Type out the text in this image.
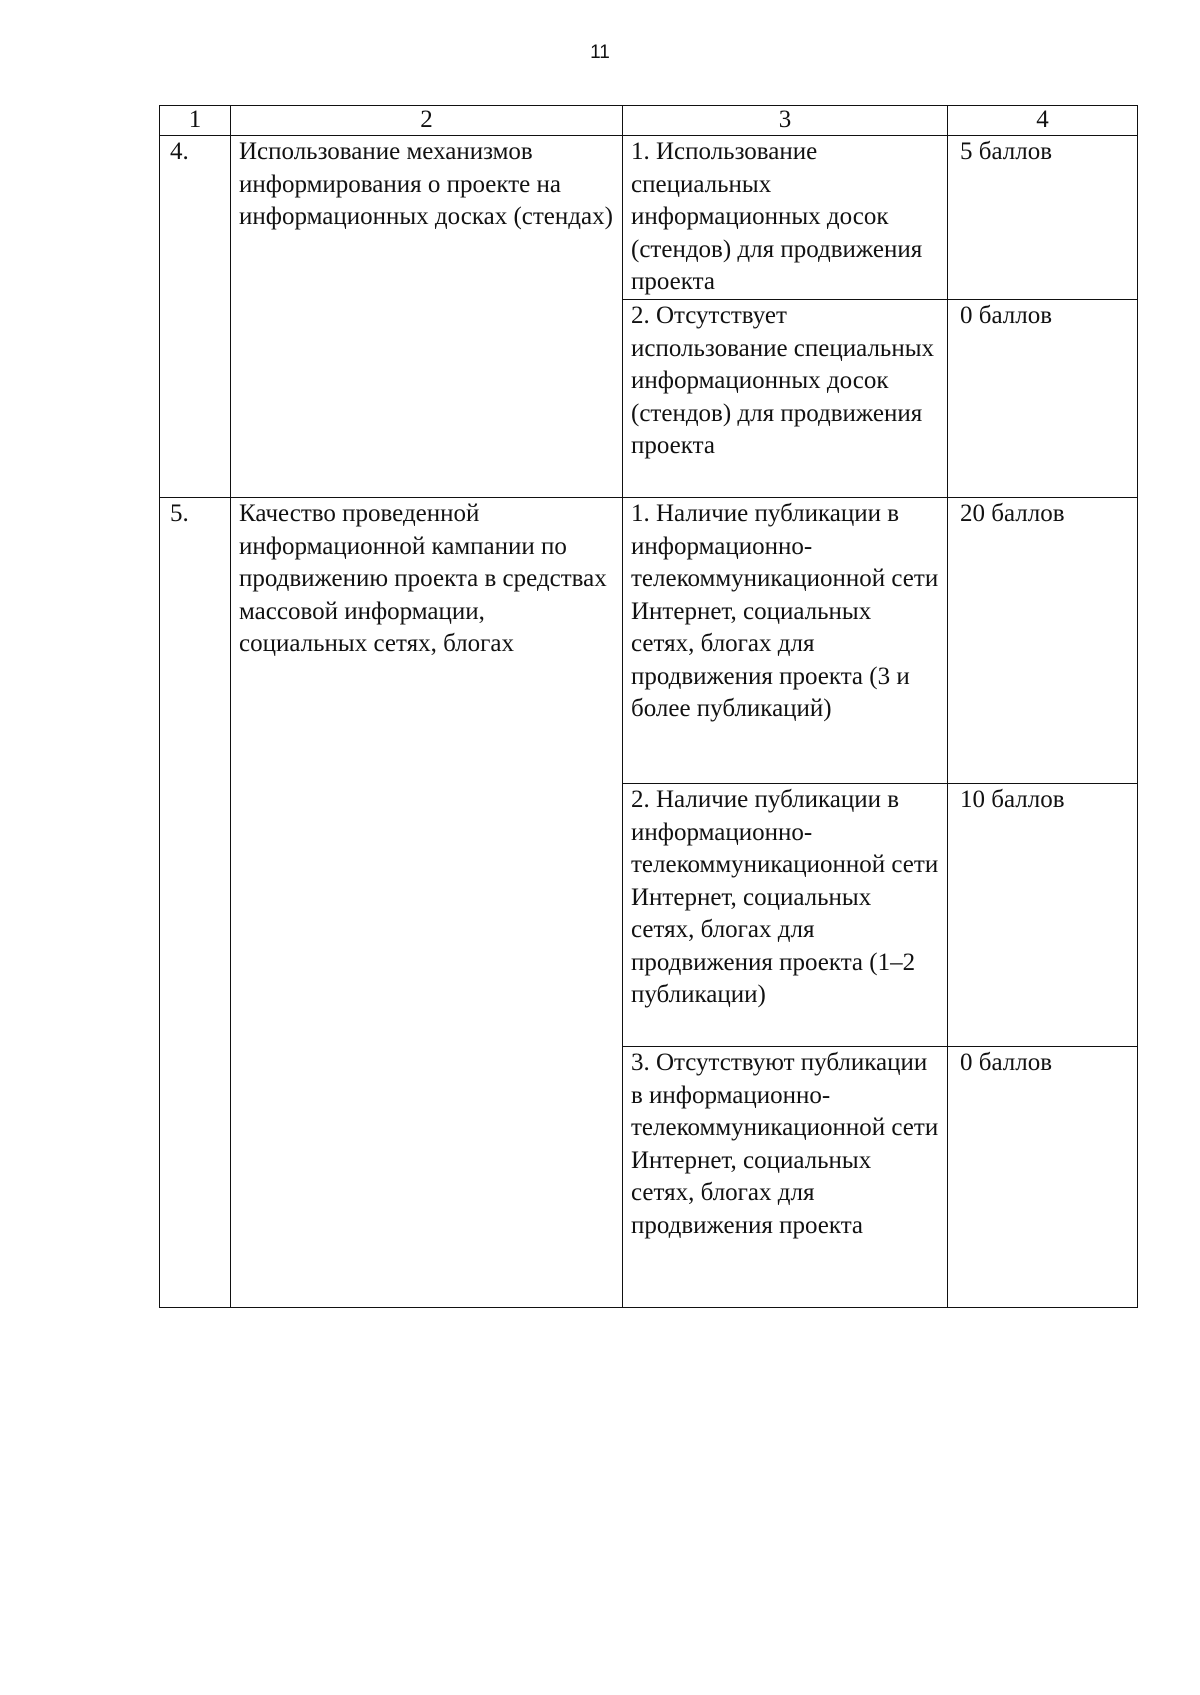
11
1	2	3	4
4.	Использование механизмов информирования о проекте на информационных досках (стендах)	1. Использование специальных информационных досок (стендов) для продвижения проекта	5 баллов
		2. Отсутствует использование специальных информационных досок (стендов) для продвижения проекта	0 баллов
5.	Качество проведенной информационной кампании по продвижению проекта в средствах массовой информации, социальных сетях, блогах	1. Наличие публикации в информационно-телекоммуникационной сети Интернет, социальных сетях, блогах для продвижения проекта (3 и более публикаций)	20 баллов
		2. Наличие публикации в информационно-телекоммуникационной сети Интернет, социальных сетях, блогах для продвижения проекта (1–2 публикации)	10 баллов
		3. Отсутствуют публикации в информационно-телекоммуникационной сети Интернет, социальных сетях, блогах для продвижения проекта	0 баллов
